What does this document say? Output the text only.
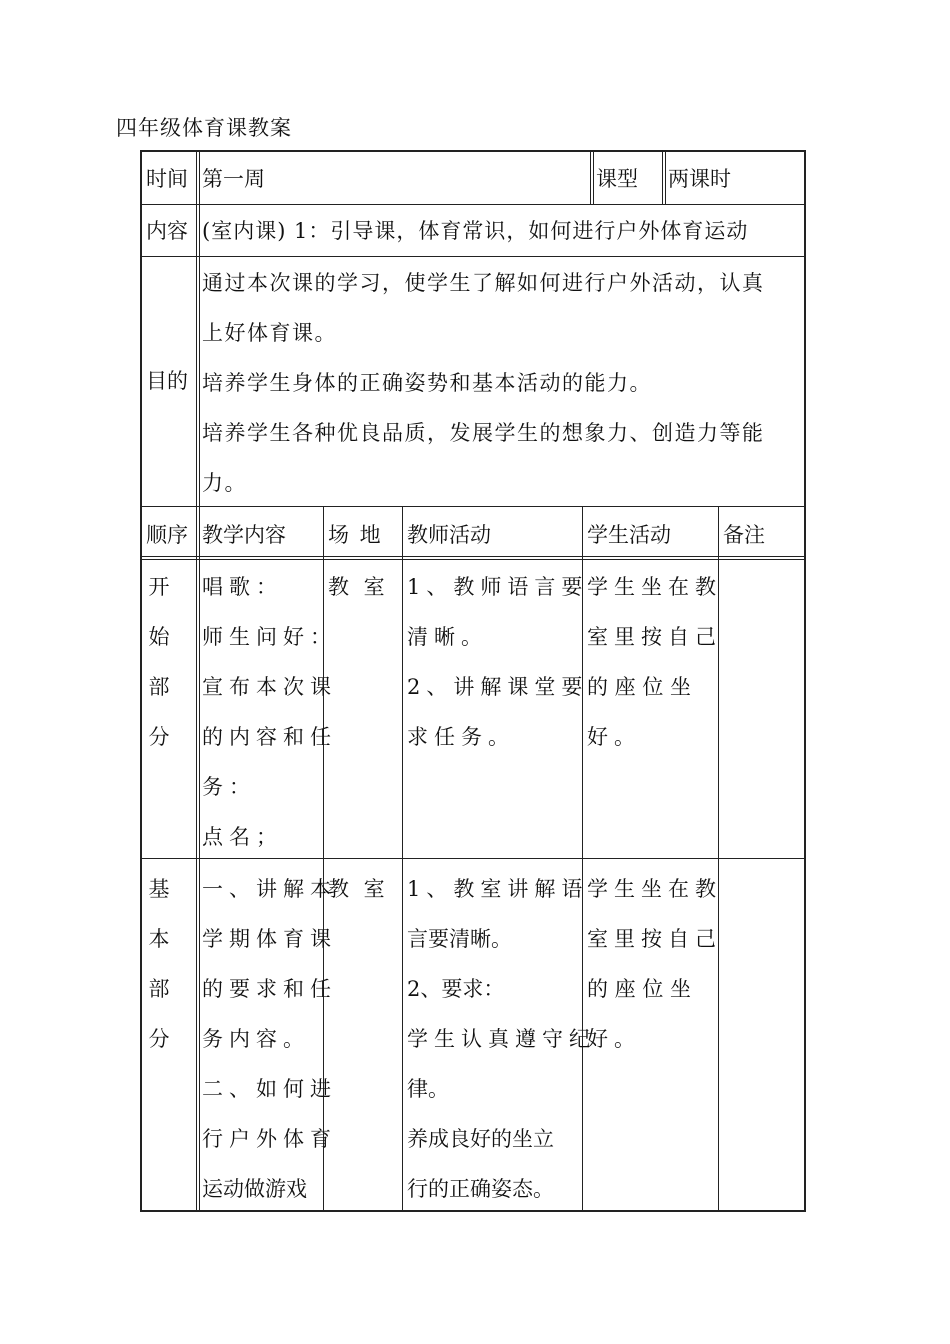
四年级体育课教案
时间 第一周	课型 两课时
内容 (室内课) 1：引导课，体育常识，如何进行户外体育运动
目的
通过本次课的学习，使学生了解如何进行户外活动，认真
上好体育课。
培养学生身体的正确姿势和基本活动的能力。
培养学生各种优良品质，发展学生的想象力、创造力等能
力。
顺序 教学内容 场 地 教师活动	学生活动 备注
开
始
部
分
唱歌：
师生问好：
宣布本次课
的内容和任
务：
点名；
教 室 1、教师语言要
清晰。
2、讲解课堂要
求任务。
学生坐在教
室里按自己
的 座 位 坐
好。
基
本
部
分
一、讲解本
学期体育课
的要求和任
务内容。
二、如何进
行户外体育
运动做游戏
教 室 1、教室讲解语
言要清晰。
2、要求：
学生认真遵守纪
律。
养成良好的坐立
行的正确姿态。
学生坐在教
室里按自己
的 座 位 坐
好。
